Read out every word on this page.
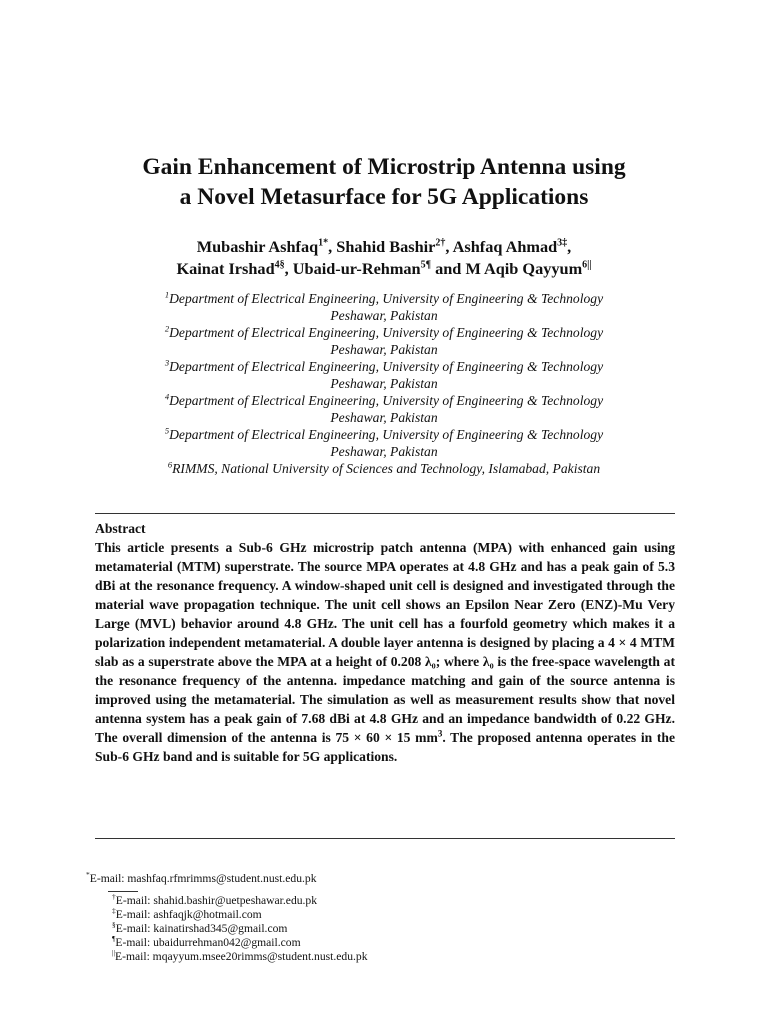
Gain Enhancement of Microstrip Antenna using
a Novel Metasurface for 5G Applications
Mubashir Ashfaq$^{1*}$, Shahid Bashir$^{2\dagger}$, Ashfaq Ahmad$^{3\ddagger}$,
Kainat Irshad$^{4\S}$, Ubaid-ur-Rehman$^{5\P}$ and M Aqib Qayyum$^{6||}$
$^1$Department of Electrical Engineering, University of Engineering & Technology
Peshawar, Pakistan
$^2$Department of Electrical Engineering, University of Engineering & Technology
Peshawar, Pakistan
$^3$Department of Electrical Engineering, University of Engineering & Technology
Peshawar, Pakistan
$^4$Department of Electrical Engineering, University of Engineering & Technology
Peshawar, Pakistan
$^5$Department of Electrical Engineering, University of Engineering & Technology
Peshawar, Pakistan
$^6$RIMMS, National University of Sciences and Technology, Islamabad, Pakistan
Abstract
This article presents a Sub-6 GHz microstrip patch antenna (MPA) with enhanced gain using metamaterial (MTM) superstrate. The source MPA operates at 4.8 GHz and has a peak gain of 5.3 dBi at the resonance frequency. A window-shaped unit cell is designed and investigated through the material wave propagation technique. The unit cell shows an Epsilon Near Zero (ENZ)-Mu Very Large (MVL) behavior around 4.8 GHz. The unit cell has a fourfold geometry which makes it a polarization independent metamaterial. A double layer antenna is designed by placing a 4 × 4 MTM slab as a superstrate above the MPA at a height of 0.208 λ₀; where λ₀ is the free-space wavelength at the resonance frequency of the antenna. impedance matching and gain of the source antenna is improved using the metamaterial. The simulation as well as measurement results show that novel antenna system has a peak gain of 7.68 dBi at 4.8 GHz and an impedance bandwidth of 0.22 GHz. The overall dimension of the antenna is 75 × 60 × 15 $mm^3$. The proposed antenna operates in the Sub-6 GHz band and is suitable for 5G applications.
*E-mail: mashfaq.rfmrimms@student.nust.edu.pk
†E-mail: shahid.bashir@uetpeshawar.edu.pk
‡E-mail: ashfaqjk@hotmail.com
§E-mail: kainatirshad345@gmail.com
¶E-mail: ubaidurrehman042@gmail.com
||E-mail: mqayyum.msee20rimms@student.nust.edu.pk
